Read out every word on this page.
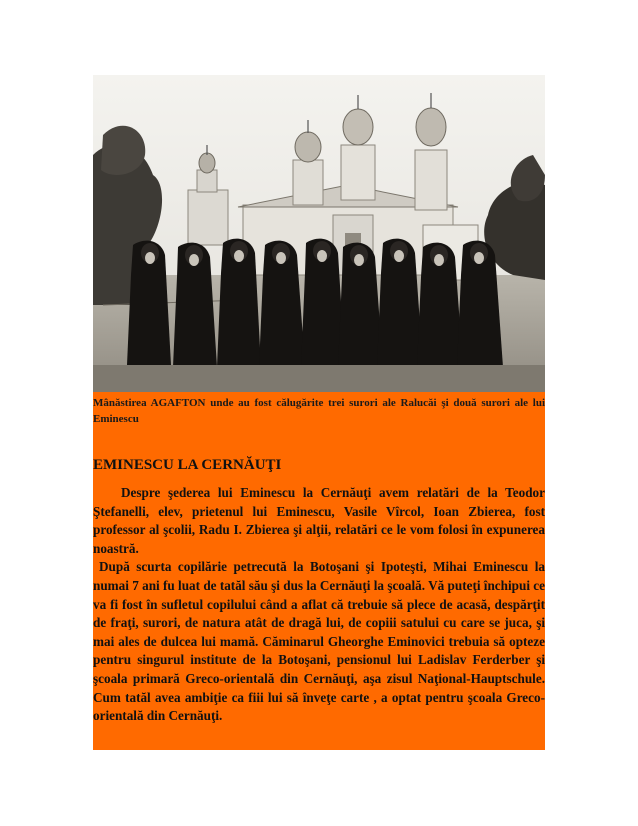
Mânăstirea AGAFTON unde au fost călugărite trei surori ale Ralucăi şi două surori ale lui Eminescu
EMINESCU LA CERNĂUŢI

Despre şederea lui Eminescu la Cernăuţi avem relatări de la Teodor Ştefanelli, elev, prietenul lui Eminescu, Vasile Vîrcol, Ioan Zbierea, fost professor al şcolii, Radu I. Zbierea şi alţii, relatări ce le vom folosi în expunerea noastră.

După scurta copilărie petrecută la Botoşani şi Ipoteşti, Mihai Eminescu la numai 7 ani fu luat de tatăl său şi dus la Cernăuţi la şcoală. Vă puteţi închipui ce va fi fost în sufletul copilului când a aflat că trebuie să plece de acasă, despărţit de fraţi, surori, de natura atât de dragă lui, de copiii satului cu care se juca, şi mai ales de dulcea lui mamă. Căminarul Gheorghe Eminovici trebuia să opteze pentru singurul institute de la Botoşani, pensionul lui Ladislav Ferderber şi şcoala primară Greco-orientală din Cernăuţi, aşa zisul Naţional-Hauptschule. Cum tatăl avea ambiţie ca fiii lui să înveţe carte , a optat pentru şcoala Greco-orientală din Cernăuţi.
